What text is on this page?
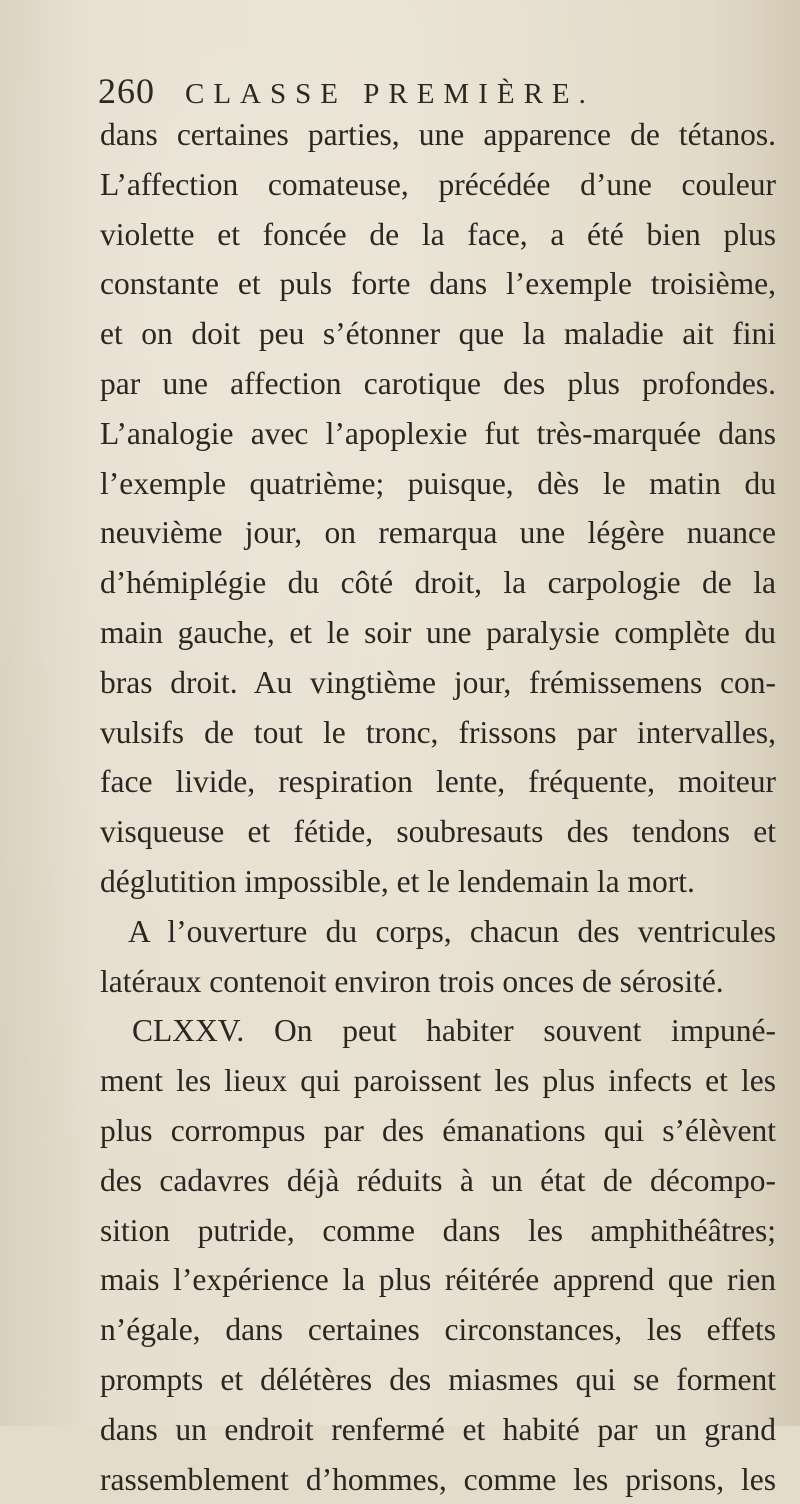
260 CLASSE PREMIÈRE.
dans certaines parties, une apparence de tétanos.
L’affection comateuse, précédée d’une couleur
violette et foncée de la face, a été bien plus
constante et puls forte dans l’exemple troisième,
et on doit peu s’étonner que la maladie ait fini
par une affection carotique des plus profondes.
L’analogie avec l’apoplexie fut très-marquée dans
l’exemple quatrième; puisque, dès le matin du
neuvième jour, on remarqua une légère nuance
d’hémiplégie du côté droit, la carpologie de la
main gauche, et le soir une paralysie complète du
bras droit. Au vingtième jour, frémissemens con-
vulsifs de tout le tronc, frissons par intervalles,
face livide, respiration lente, fréquente, moiteur
visqueuse et fétide, soubresauts des tendons et
déglutition impossible, et le lendemain la mort.
A l’ouverture du corps, chacun des ventricules
latéraux contenoit environ trois onces de sérosité.
CLXXV. On peut habiter souvent impuné-
ment les lieux qui paroissent les plus infects et les
plus corrompus par des émanations qui s’élèvent
des cadavres déjà réduits à un état de décompo-
sition putride, comme dans les amphithéâtres;
mais l’expérience la plus réitérée apprend que rien
n’égale, dans certaines circonstances, les effets
prompts et délétères des miasmes qui se forment
dans un endroit renfermé et habité par un grand
rassemblement d’hommes, comme les prisons, les
